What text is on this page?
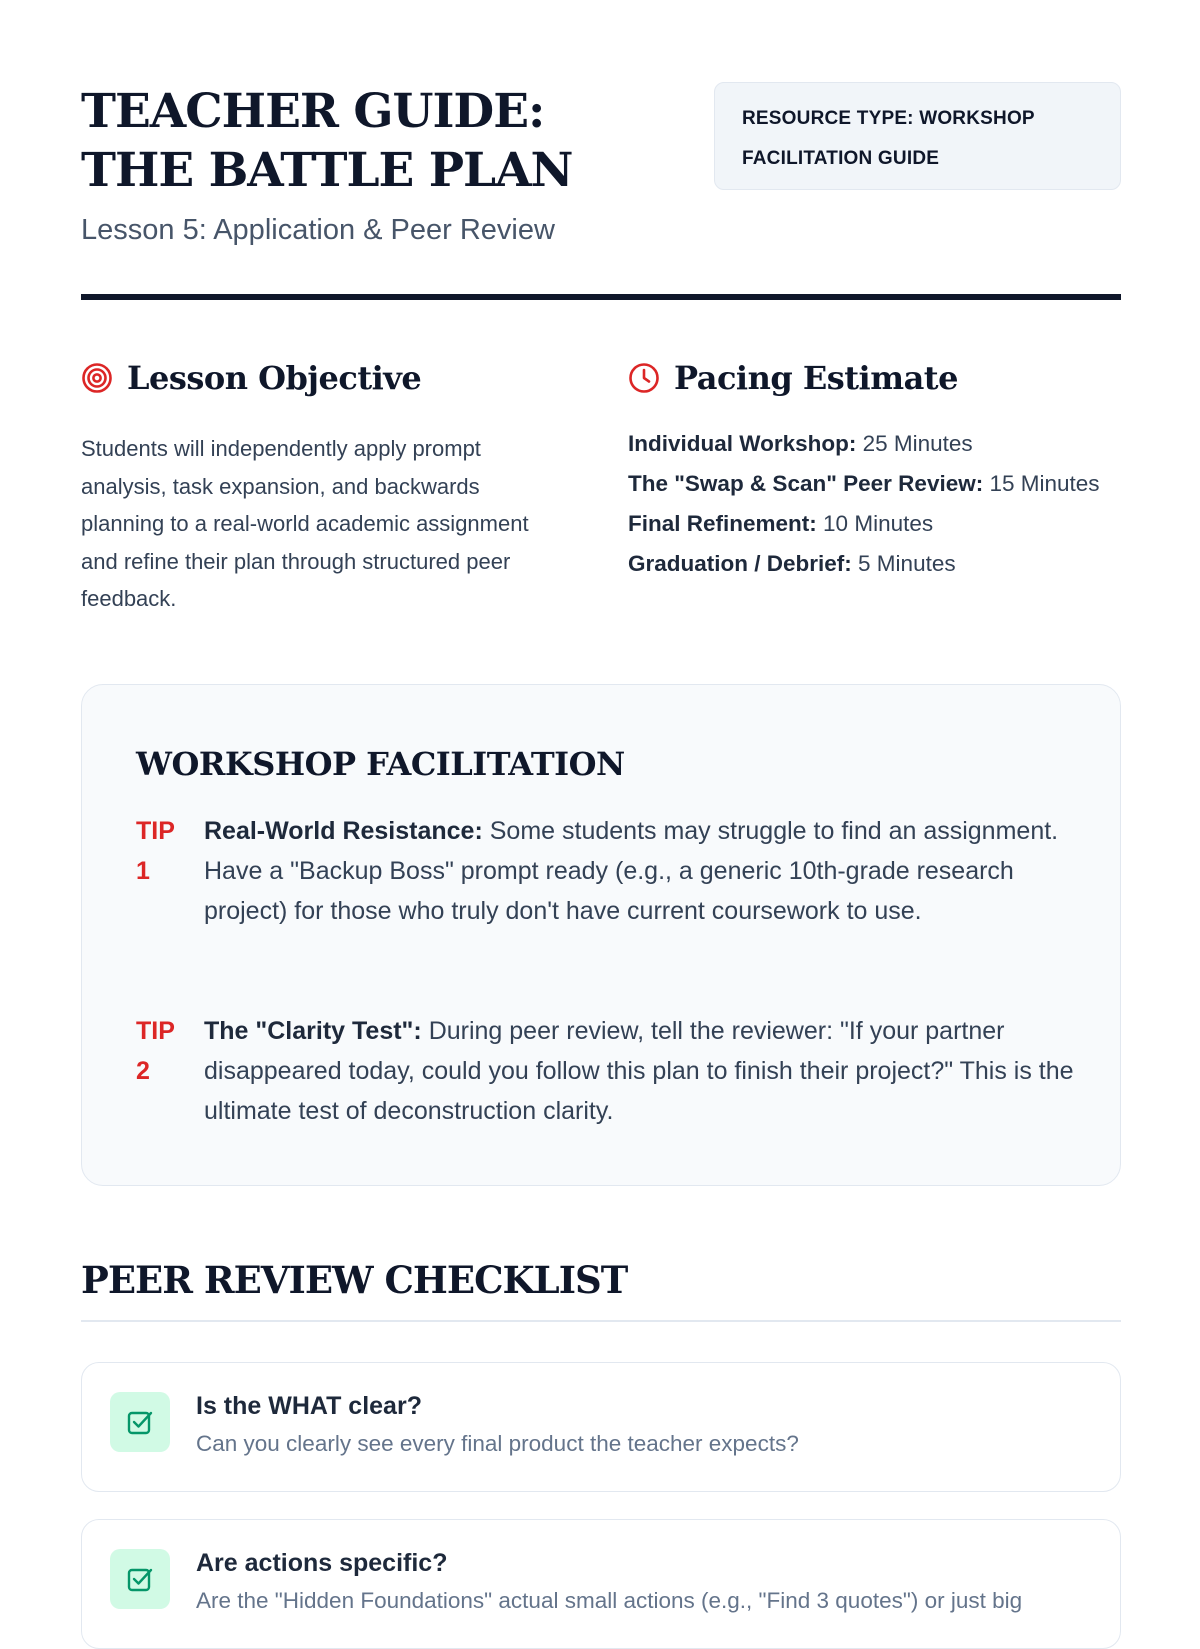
TEACHER GUIDE: THE BATTLE PLAN
Lesson 5: Application & Peer Review
RESOURCE TYPE: WORKSHOP FACILITATION GUIDE
Lesson Objective

Students will independently apply prompt analysis, task expansion, and backwards planning to a real-world academic assignment and refine their plan through structured peer feedback.

Pacing Estimate
Individual Workshop: 25 Minutes
The "Swap & Scan" Peer Review: 15 Minutes
Final Refinement: 10 Minutes
Graduation / Debrief: 5 Minutes
WORKSHOP FACILITATION
TIP
1
Real-World Resistance: Some students may struggle to find an assignment. Have a "Backup Boss" prompt ready (e.g., a generic 10th-grade research project) for those who truly don't have current coursework to use.
TIP
2
The "Clarity Test": During peer review, tell the reviewer: "If your partner disappeared today, could you follow this plan to finish their project?" This is the ultimate test of deconstruction clarity.
PEER REVIEW CHECKLIST
Is the WHAT clear?
Can you clearly see every final product the teacher expects?
Are actions specific?
Are the "Hidden Foundations" actual small actions (e.g., "Find 3 quotes") or just big
